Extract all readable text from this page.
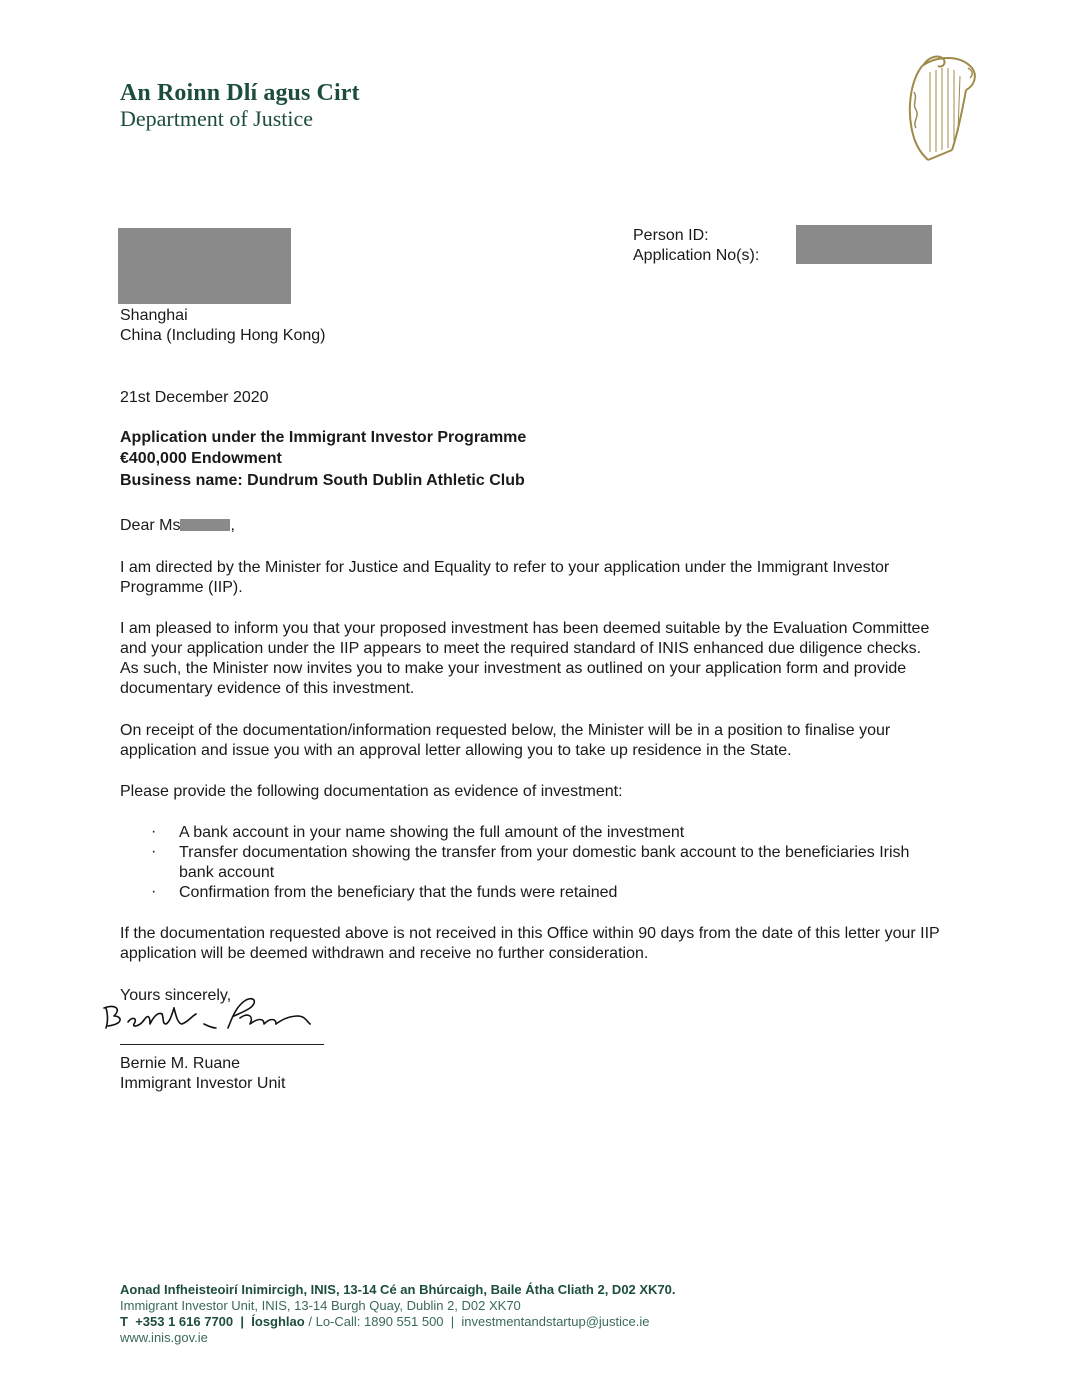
An Roinn Dlí agus Cirt
Department of Justice
Person ID:
Application No(s):
Shanghai
China (Including Hong Kong)
21st December 2020
Application under the Immigrant Investor Programme
€400,000 Endowment
Business name: Dundrum South Dublin Athletic Club
Dear Ms	,
I am directed by the Minister for Justice and Equality to refer to your application under the Immigrant Investor
Programme (IIP).
I am pleased to inform you that your proposed investment has been deemed suitable by the Evaluation Committee
and your application under the IIP appears to meet the required standard of INIS enhanced due diligence checks.
As such, the Minister now invites you to make your investment as outlined on your application form and provide
documentary evidence of this investment.
On receipt of the documentation/information requested below, the Minister will be in a position to finalise your
application and issue you with an approval letter allowing you to take up residence in the State.
Please provide the following documentation as evidence of investment:
· A bank account in your name showing the full amount of the investment
· Transfer documentation showing the transfer from your domestic bank account to the beneficiaries Irish
bank account
· Confirmation from the beneficiary that the funds were retained
If the documentation requested above is not received in this Office within 90 days from the date of this letter your IIP
application will be deemed withdrawn and receive no further consideration.
Yours sincerely,
Bernie M. Ruane
Immigrant Investor Unit
Aonad Infheisteoirí Inimircigh, INIS, 13-14 Cé an Bhúrcaigh, Baile Átha Cliath 2, D02 XK70.
Immigrant Investor Unit, INIS, 13-14 Burgh Quay, Dublin 2, D02 XK70
T +353 1 616 7700 | Íosghlao / Lo-Call: 1890 551 500 | investmentandstartup@justice.ie
www.inis.gov.ie
